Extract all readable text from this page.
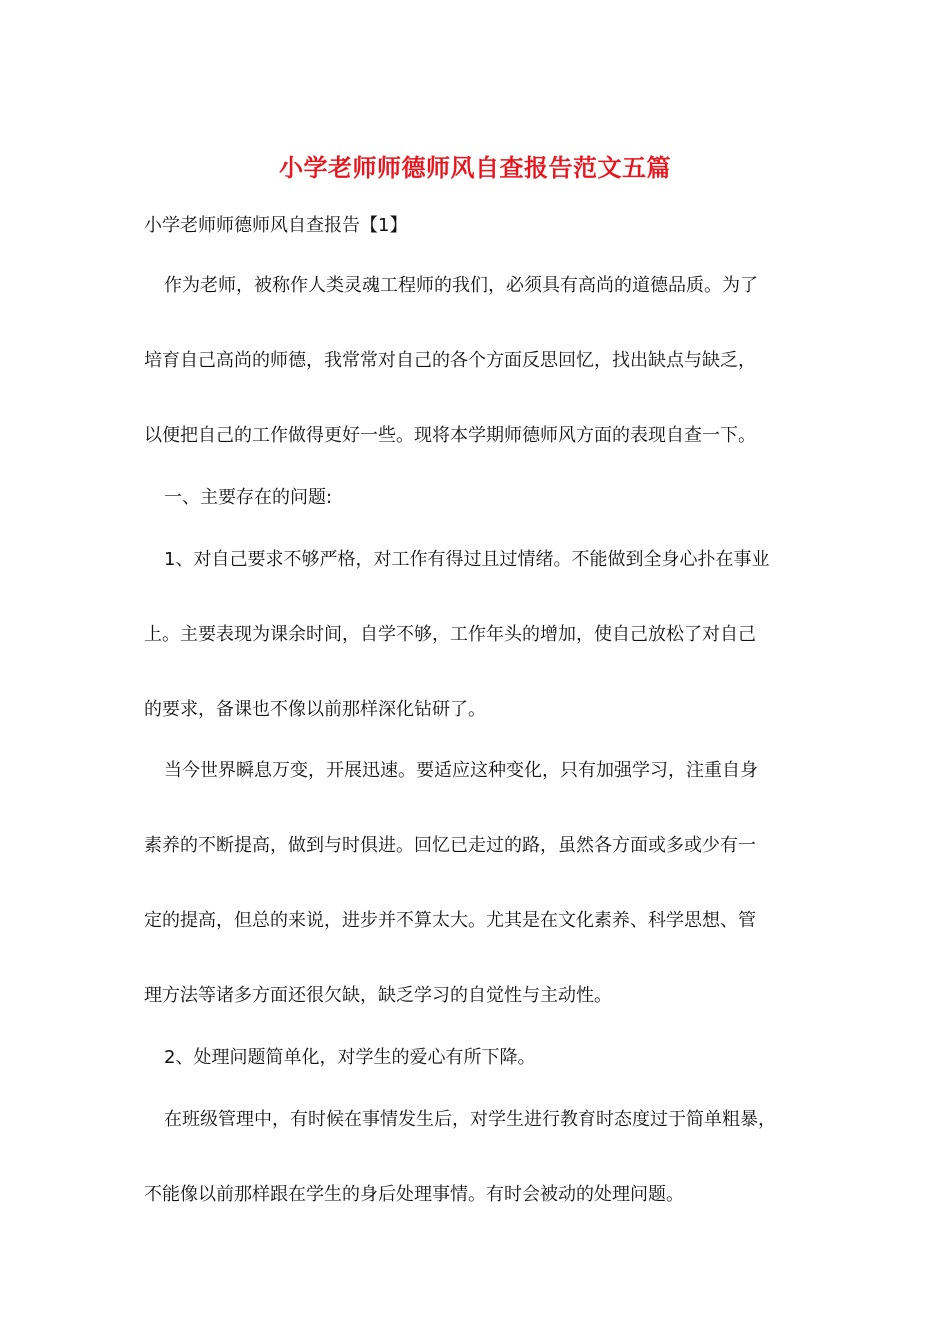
小学老师师德师风自查报告范文五篇
小学老师师德师风自查报告【1】
作为老师，被称作人类灵魂工程师的我们，必须具有高尚的道德品质。为了
培育自己高尚的师德，我常常对自己的各个方面反思回忆，找出缺点与缺乏，
以便把自己的工作做得更好一些。现将本学期师德师风方面的表现自查一下。
一、主要存在的问题:
1、对自己要求不够严格，对工作有得过且过情绪。不能做到全身心扑在事业
上。主要表现为课余时间，自学不够，工作年头的增加，使自己放松了对自己
的要求，备课也不像以前那样深化钻研了。
当今世界瞬息万变，开展迅速。要适应这种变化，只有加强学习，注重自身
素养的不断提高，做到与时俱进。回忆已走过的路，虽然各方面或多或少有一
定的提高，但总的来说，进步并不算太大。尤其是在文化素养、科学思想、管
理方法等诸多方面还很欠缺，缺乏学习的自觉性与主动性。
2、处理问题简单化，对学生的爱心有所下降。
在班级管理中，有时候在事情发生后，对学生进行教育时态度过于简单粗暴，
不能像以前那样跟在学生的身后处理事情。有时会被动的处理问题。
